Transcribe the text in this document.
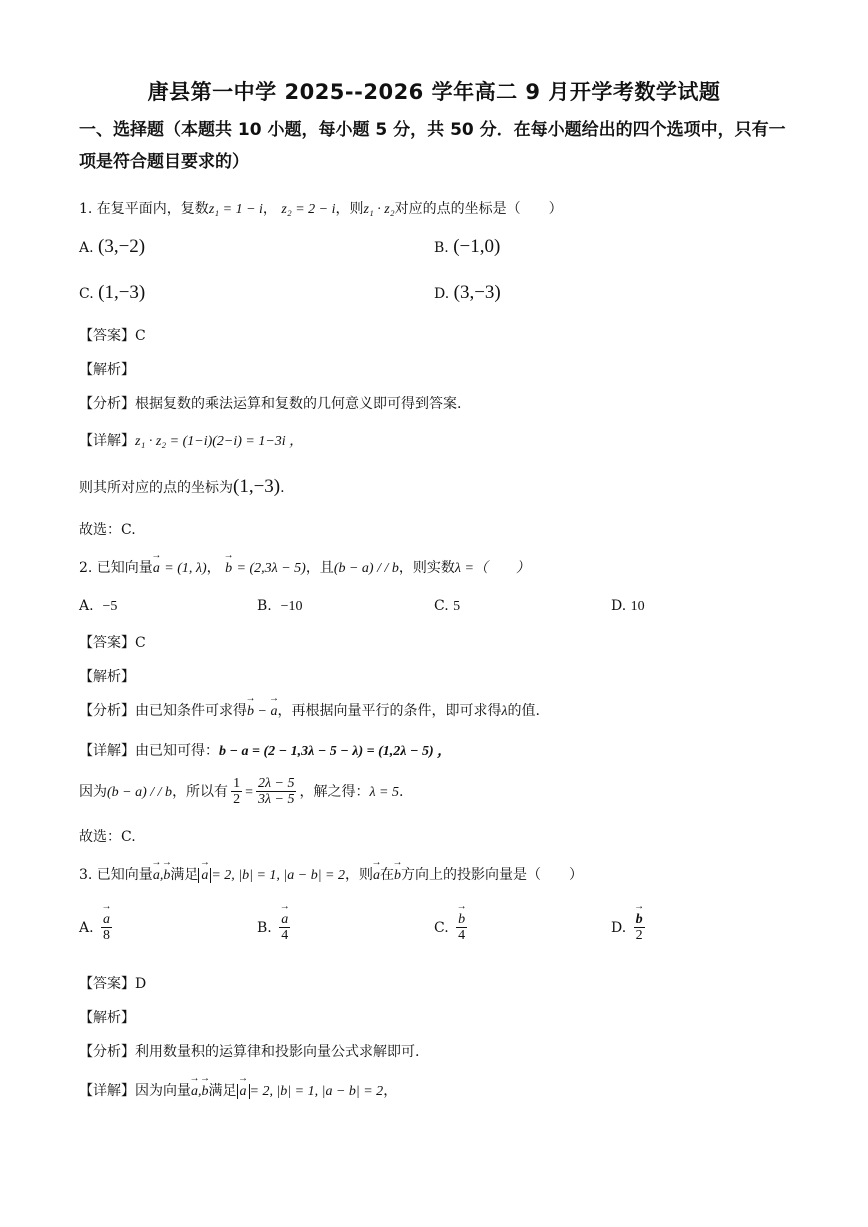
唐县第一中学 2025--2026 学年高二 9 月开学考数学试题
一、选择题（本题共 10 小题，每小题 5 分，共 50 分．在每小题给出的四个选项中，只有一
项是符合题目要求的）
1. 在复平面内，复数z₁ = 1 − i， z₂ = 2 − i，则z₁ · z₂对应的点的坐标是（　　）
A. (3,−2)	B. (−1,0)
C. (1,−3)	D. (3,−3)
【答案】C
【解析】
【分析】根据复数的乘法运算和复数的几何意义即可得到答案.
【详解】z₁ · z₂ = (1−i)(2−i) = 1−3i ，
则其所对应的点的坐标为(1,−3).
故选：C.
2. 已知向量→ a = (1, λ)， → b = (2,3λ − 5)，且(b − a) / / b，则实数λ =（　　）
A. −5	B. −10	C. 5	D. 10
【答案】C
【解析】
【分析】由已知条件可求得→ b − → a，再根据向量平行的条件，即可求得λ的值.
【详解】由已知可得：b − a = (2 − 1,3λ − 5 − λ) = (1,2λ − 5) ，
因为(b − a) / / b，所以有 $\frac{1}{2} = \frac{2\lambda - 5}{3\lambda - 5}$ ，解之得：λ = 5.
故选：C.
3. 已知向量→ a,→ b满足 → a = 2, |b| = 1, |a − b| = 2，则→ a在→ b方向上的投影向量是（　　）
A. → $\frac{a}{8}$	B. → $\frac{a}{4}$	C. → $\frac{b}{4}$	D. → $\frac{b}{2}$
【答案】D
【解析】
【分析】利用数量积的运算律和投影向量公式求解即可.
【详解】因为向量→ a,→ b满足 → a = 2, |b| = 1, |a − b| = 2，
